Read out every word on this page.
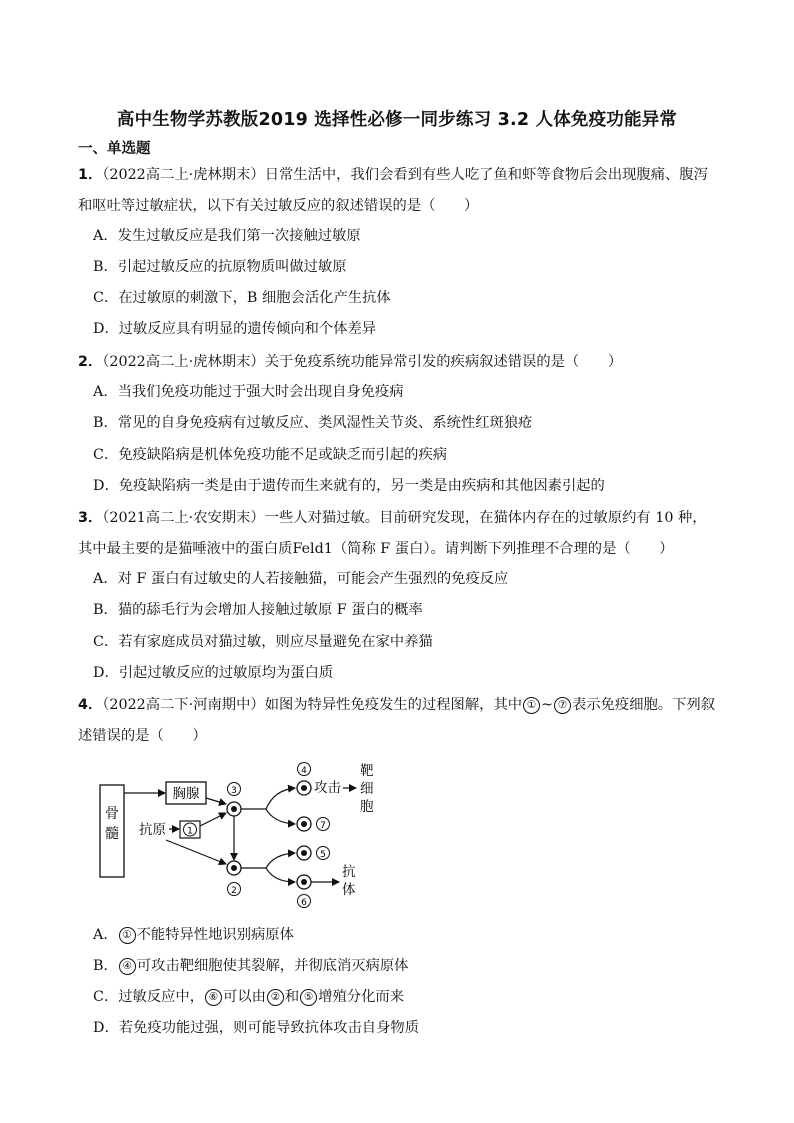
高中生物学苏教版2019 选择性必修一同步练习 3.2 人体免疫功能异常
一、单选题
1．（2022高二上·虎林期末）日常生活中，我们会看到有些人吃了鱼和虾等食物后会出现腹痛、腹泻和呕吐等过敏症状，以下有关过敏反应的叙述错误的是（　　）
A．发生过敏反应是我们第一次接触过敏原
B．引起过敏反应的抗原物质叫做过敏原
C．在过敏原的刺激下，B 细胞会活化产生抗体
D．过敏反应具有明显的遗传倾向和个体差异
2．（2022高二上·虎林期末）关于免疫系统功能异常引发的疾病叙述错误的是（　　）
A．当我们免疫功能过于强大时会出现自身免疫病
B．常见的自身免疫病有过敏反应、类风湿性关节炎、系统性红斑狼疮
C．免疫缺陷病是机体免疫功能不足或缺乏而引起的疾病
D．免疫缺陷病一类是由于遗传而生来就有的，另一类是由疾病和其他因素引起的
3．（2021高二上·农安期末）一些人对猫过敏。目前研究发现，在猫体内存在的过敏原约有 10 种，其中最主要的是猫唾液中的蛋白质Feld1（简称 F 蛋白）。请判断下列推理不合理的是（　　）
A．对 F 蛋白有过敏史的人若接触猫，可能会产生强烈的免疫反应
B．猫的舔毛行为会增加人接触过敏原 F 蛋白的概率
C．若有家庭成员对猫过敏，则应尽量避免在家中养猫
D．引起过敏反应的过敏原均为蛋白质
4．（2022高二下·河南期中）如图为特异性免疫发生的过程图解，其中 ① ~ ⑦ 表示免疫细胞。下列叙述错误的是（　　）
骨髓
胸腺
抗原 1
3
2
4
攻击
靶细胞
7
5
6
抗体
A． ① 不能特异性地识别病原体
B． ④ 可攻击靶细胞使其裂解，并彻底消灭病原体
C．过敏反应中， ⑥ 可以由 ② 和 ⑤ 增殖分化而来
D．若免疫功能过强，则可能导致抗体攻击自身物质
